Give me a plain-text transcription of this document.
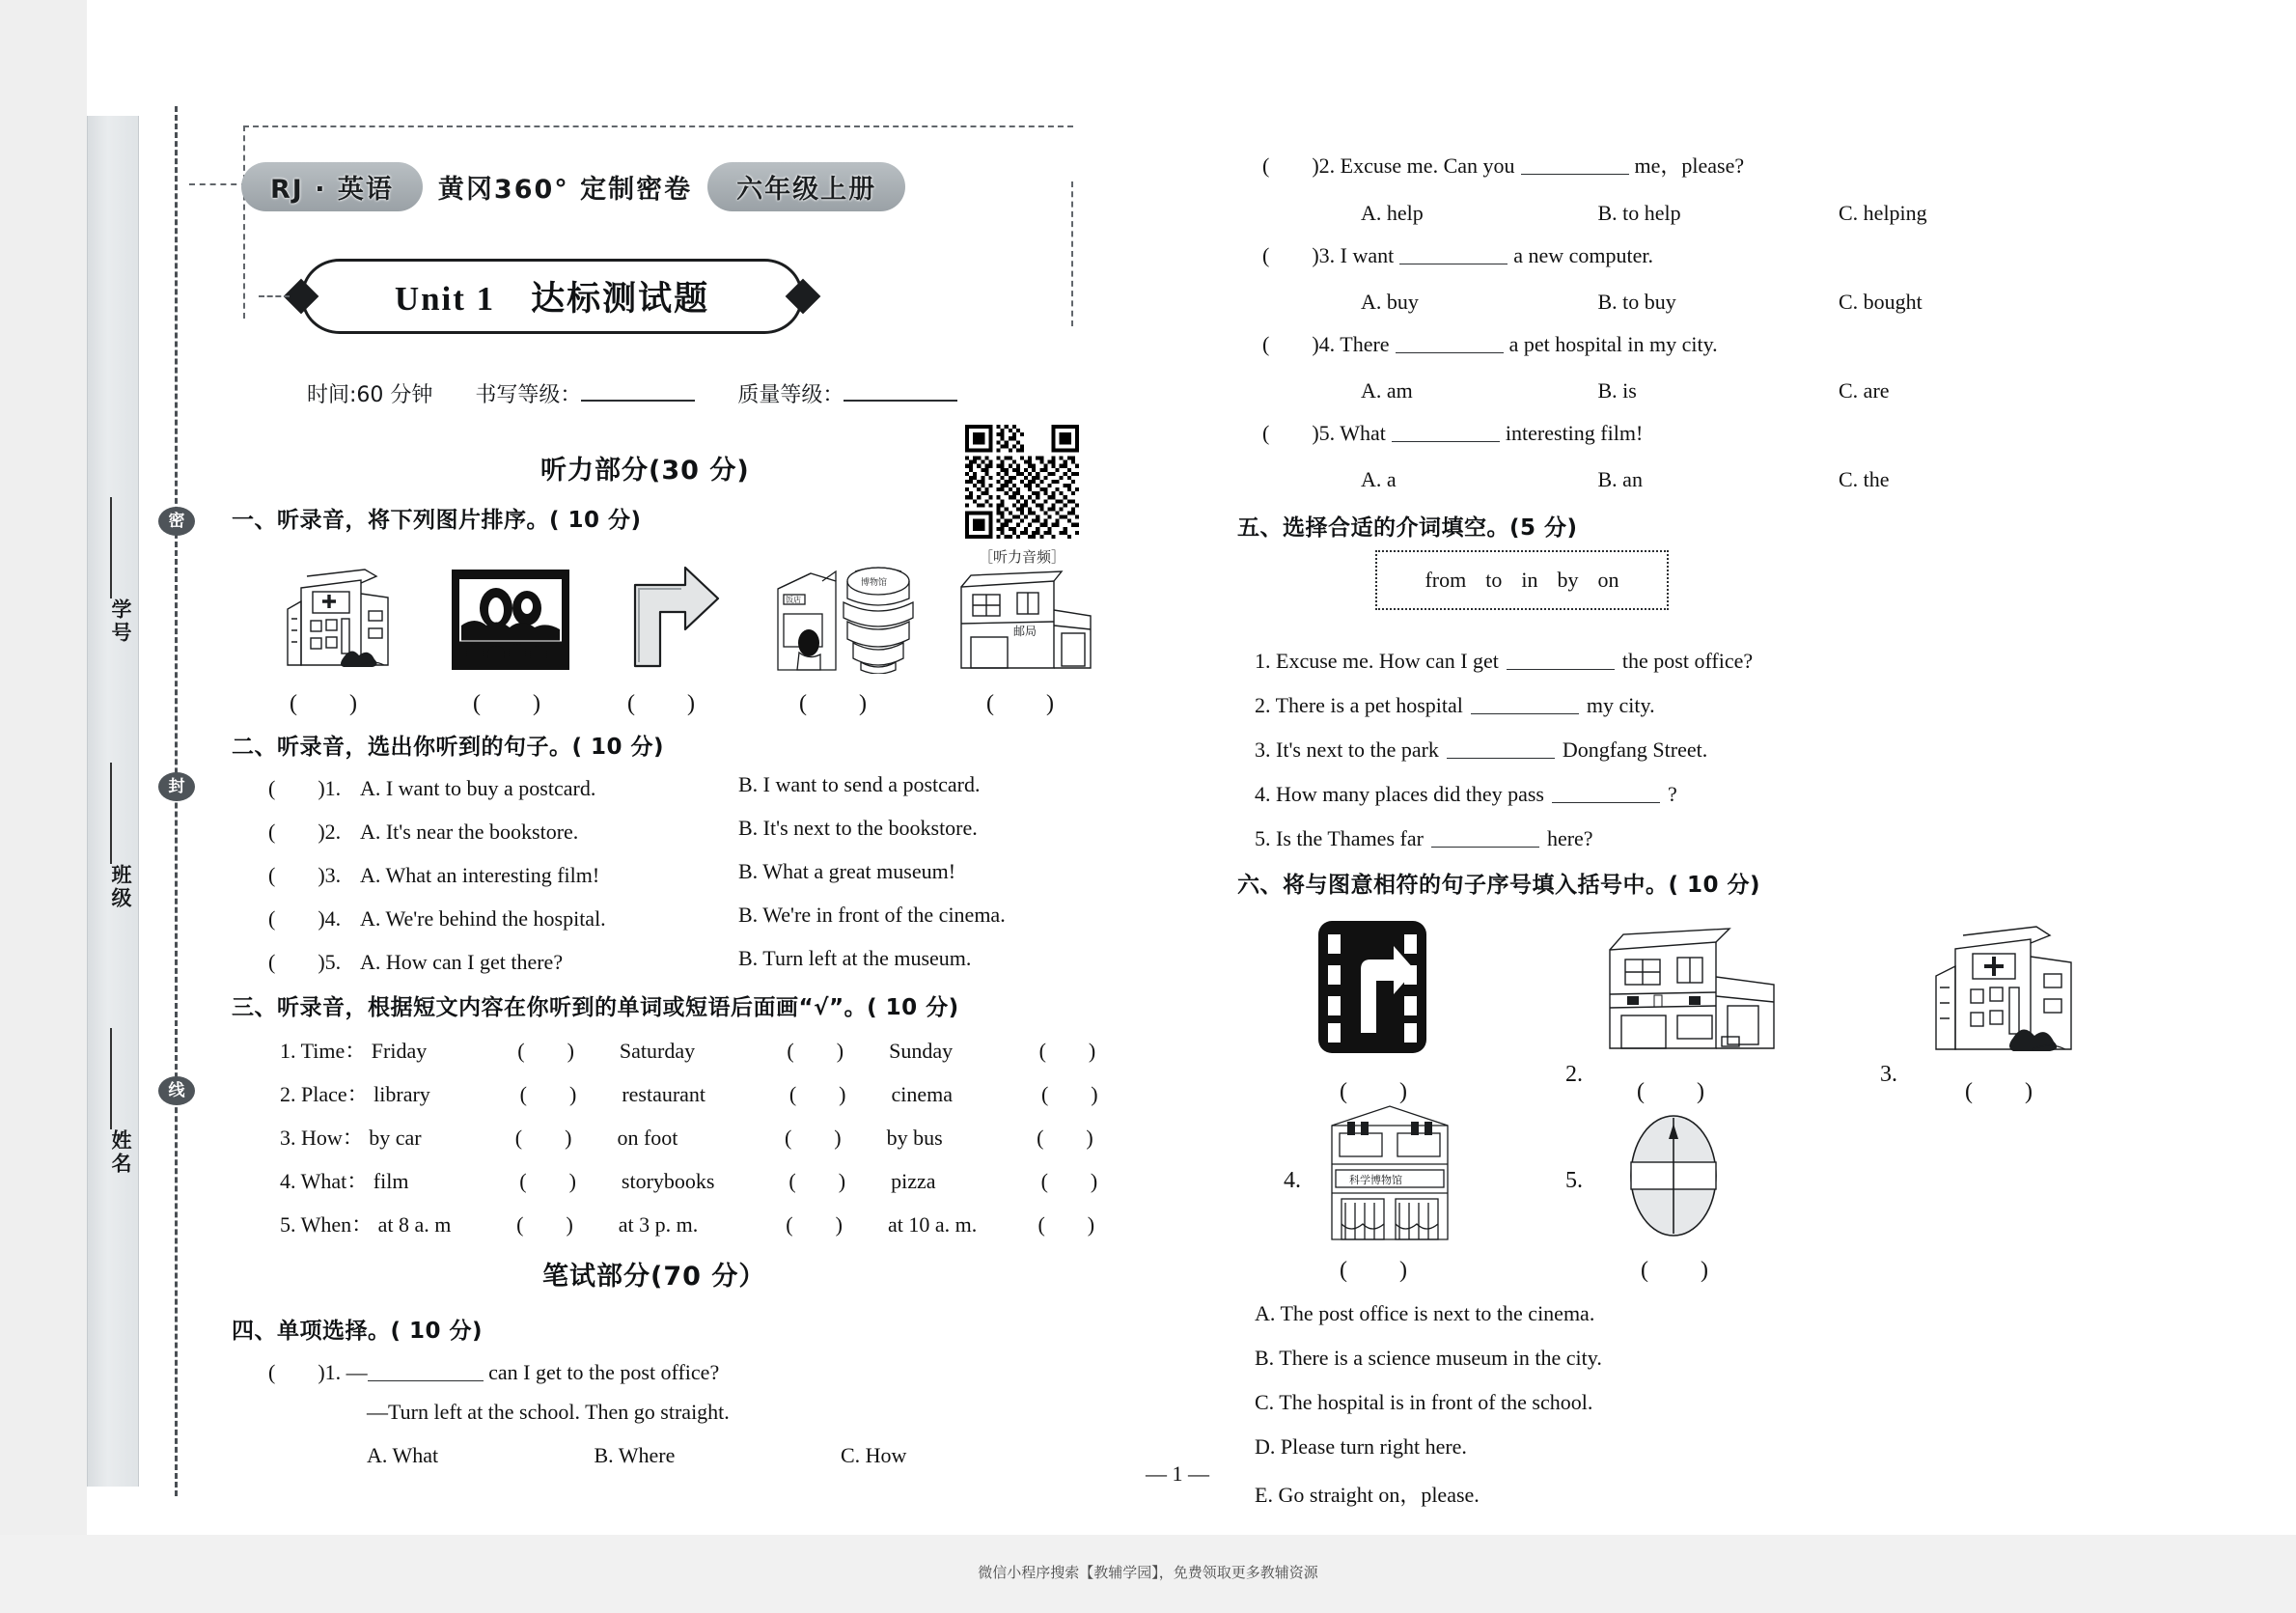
学号
班级
姓名
密
封
线
RJ · 英语	黄冈360° 定制密卷	六年级上册
Unit 1　达标测试题
时间:60 分钟 书写等级：	质量等级：
听力部分(30 分)
［听力音频］
一、听录音，将下列图片排序。( 10 分)
饭店
博物馆
邮局
(　　)	(　　)	(　　)	(　　)	(　　)
二、听录音，选出你听到的句子。( 10 分)
(　　)1. A. I want to buy a postcard.	B. I want to send a postcard.
(　　)2. A. It's near the bookstore.	B. It's next to the bookstore.
(　　)3. A. What an interesting film!	B. What a great museum!
(　　)4. A. We're behind the hospital.	B. We're in front of the cinema.
(　　)5. A. How can I get there?	B. Turn left at the museum.
三、听录音，根据短文内容在你听到的单词或短语后面画“√”。( 10 分)
1. Time： Friday	(　　) Saturday	(　　) Sunday	(　　)
2. Place： library	(　　) restaurant	(　　) cinema	(　　)
3. How： by car	(　　) on foot	(　　) by bus	(　　)
4. What： film	(　　) storybooks	(　　) pizza	(　　)
5. When： at 8 a. m	(　　) at 3 p. m.	(　　) at 10 a. m.	(　　)
笔试部分(70 分）
四、单项选择。( 10 分)
(　　)1. —	can I get to the post office?
—Turn left at the school. Then go straight.
A. What	B. Where	C. How
(　　)2. Excuse me. Can you	me，please?
A. help	B. to help	C. helping
(　　)3. I want	a new computer.
A. buy	B. to buy	C. bought
(　　)4. There	a pet hospital in my city.
A. am	B. is	C. are
(　　)5. What	interesting film!
A. a	B. an	C. the
五、选择合适的介词填空。(5 分)
from to in by on
1. Excuse me. How can I get	the post office?
2. There is a pet hospital	my city.
3. It's next to the park	Dongfang Street.
4. How many places did they pass	?
5. Is the Thames far	here?
六、将与图意相符的句子序号填入括号中。( 10 分)
(　　)
2.
(　　)
3.
(　　)
4.	科学博物馆
(　　)
5.
(　　)
A. The post office is next to the cinema.
B. There is a science museum in the city.
C. The hospital is in front of the school.
D. Please turn right here.
E. Go straight on，please.
— 1 —
微信小程序搜索【教辅学园】，免费领取更多教辅资源
